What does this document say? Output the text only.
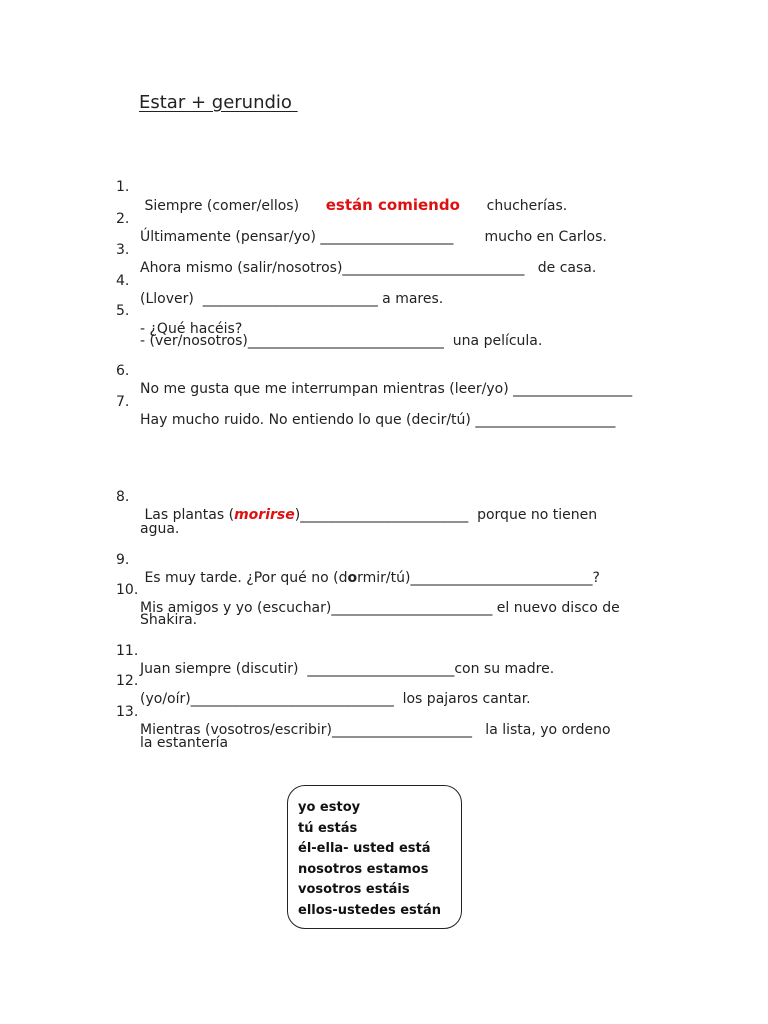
Estar + gerundio

1.

Siempre (comer/ellos)      están comiendo      chucherías.

2.

Últimamente (pensar/yo) ___________________       mucho en Carlos.

3.

Ahora mismo (salir/nosotros)__________________________   de casa.

4.

(Llover)  _________________________ a mares.

5.

- ¿Qué hacéis?

- (ver/nosotros)____________________________  una película.

6.

No me gusta que me interrumpan mientras (leer/yo) _________________

7.

Hay mucho ruido. No entiendo lo que (decir/tú) ____________________

8.

Las plantas (morirse)________________________  porque no tienen

agua.

9.

Es muy tarde. ¿Por qué no (dormir/tú)__________________________?

10.

Mis amigos y yo (escuchar)_______________________ el nuevo disco de

Shakira.

11.

Juan siempre (discutir)  _____________________con su madre.

12.

(yo/oír)_____________________________  los pajaros cantar.

13.

Mientras (vosotros/escribir)____________________   la lista, yo ordeno

la estantería

yo estoy
tú estás
él-ella- usted está
nosotros estamos
vosotros estáis
ellos-ustedes están
